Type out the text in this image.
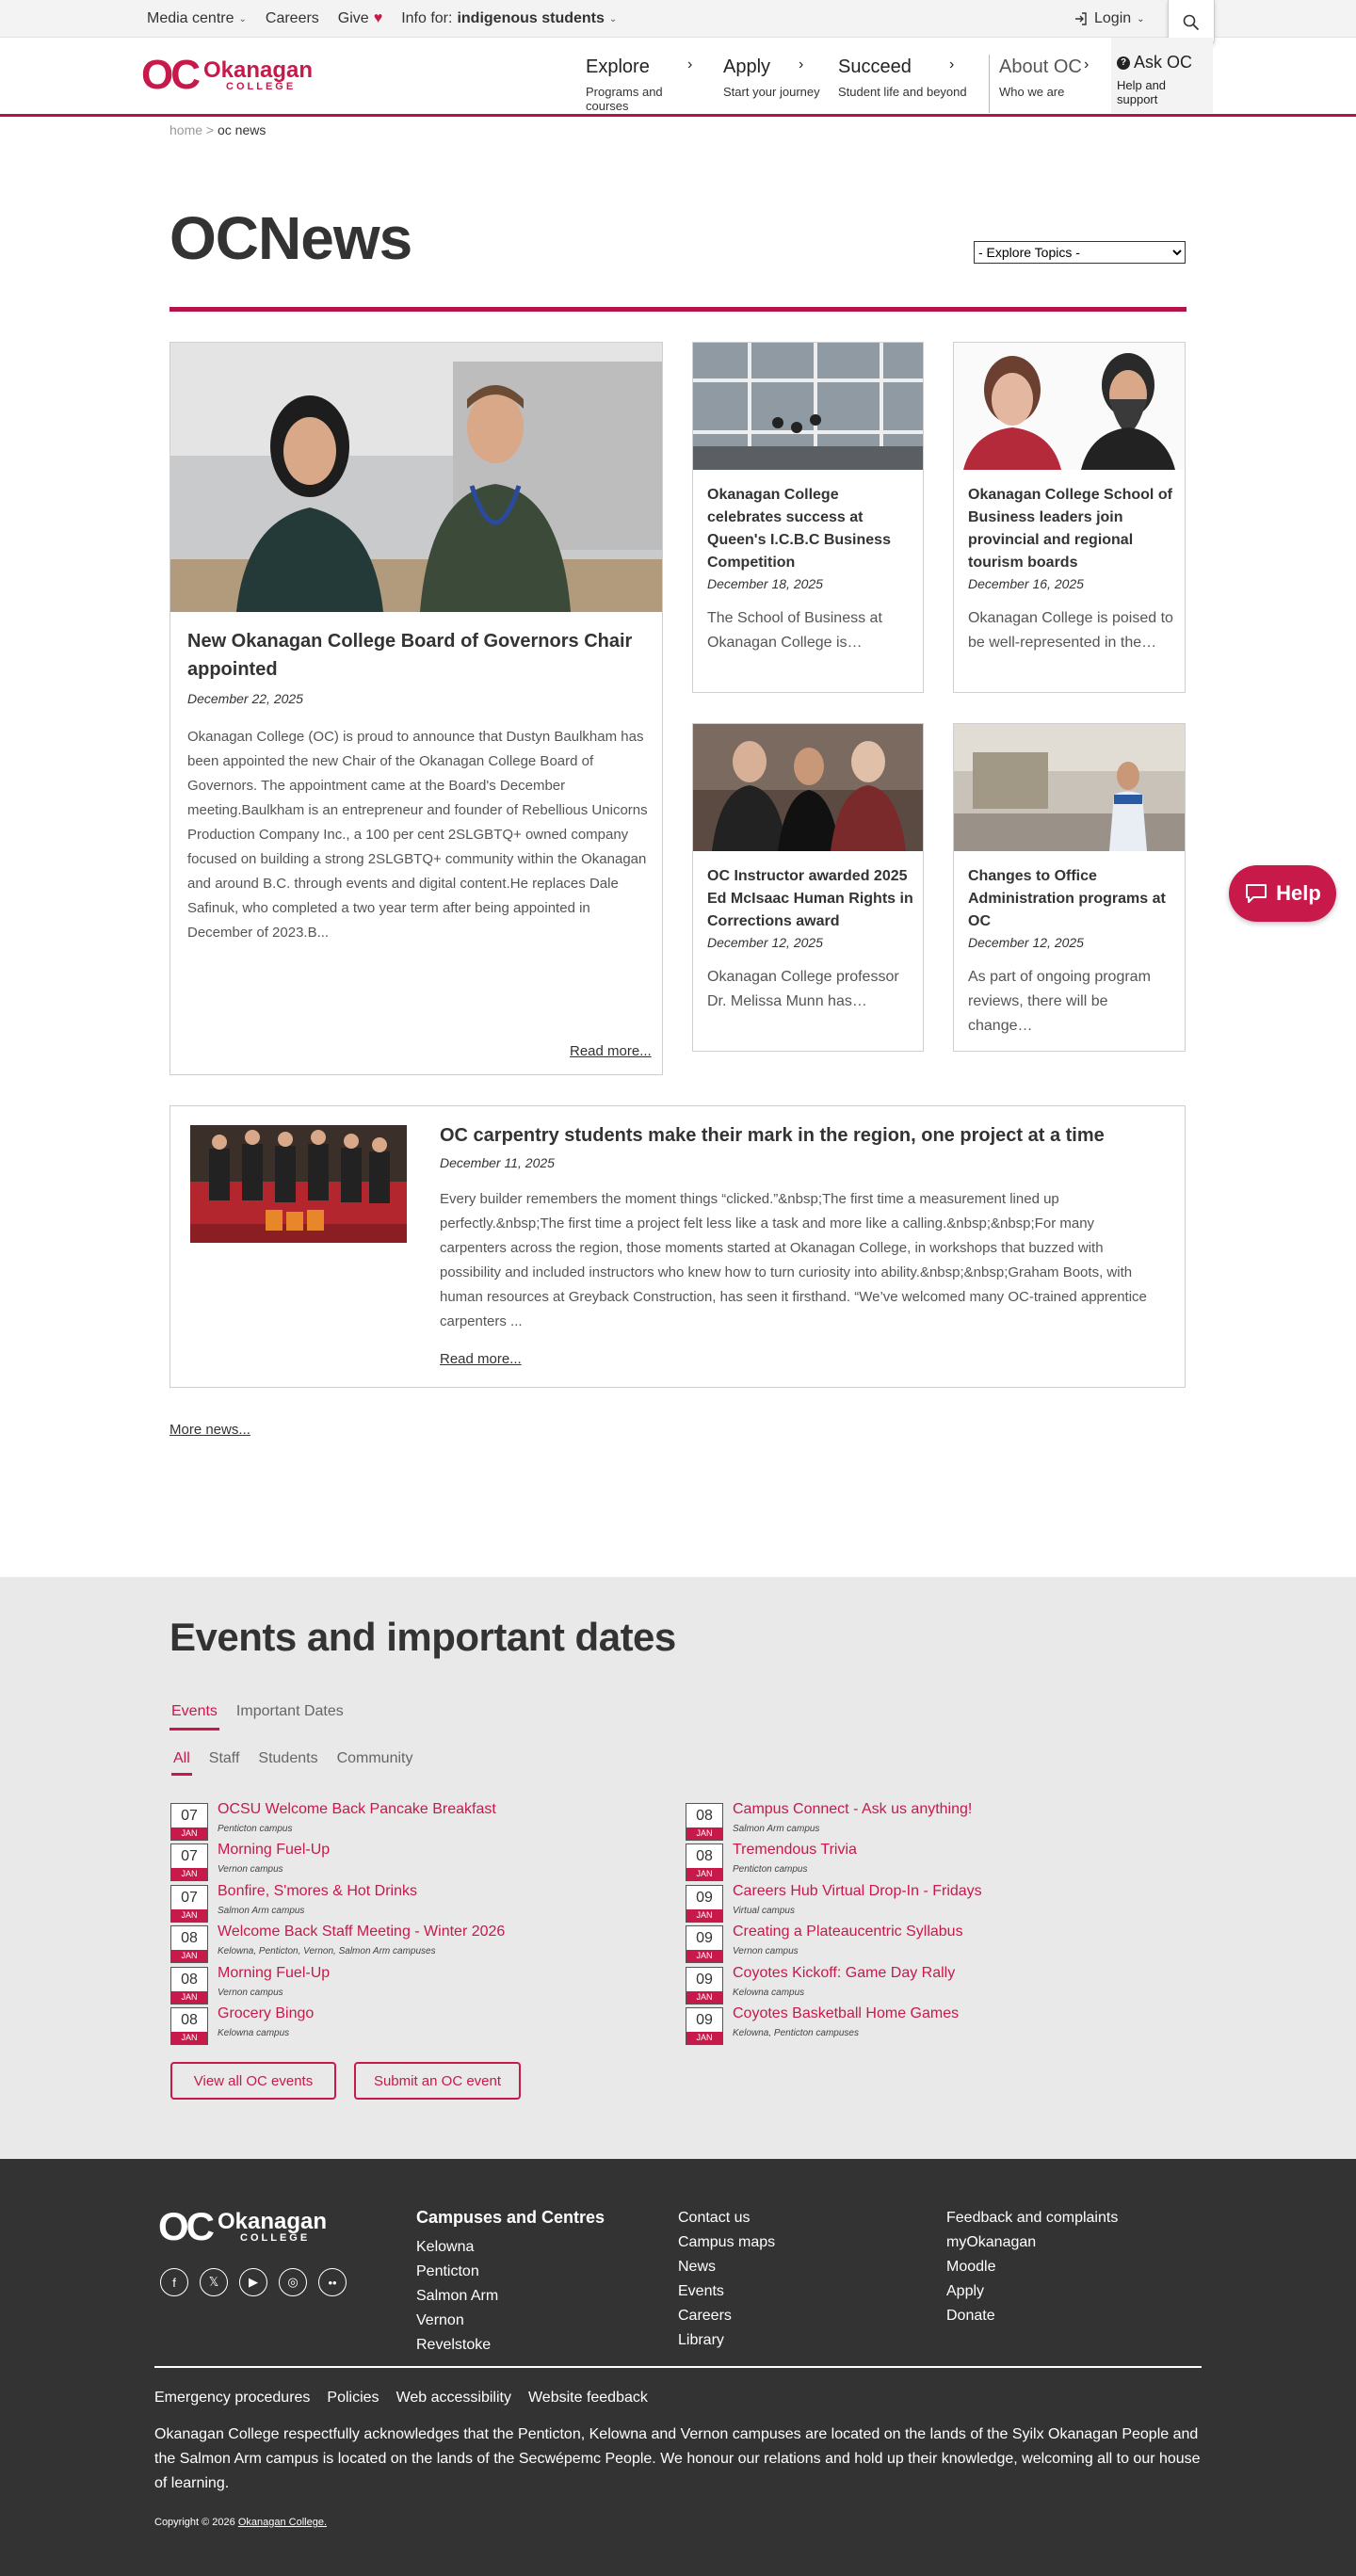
Media centre ⌄ Careers Give ♥ Info for: indigenous students ⌄	Login ⌄
OC Okanagan
COLLEGE
Explore
Programs and courses
› Apply
Start your journey
› Succeed
Student life and beyond
› About OC
Who we are
›	? Ask OC
Help and support
home > oc news
OCNews
- Explore Topics -
New Okanagan College Board of Governors Chair appointed
December 22, 2025

Okanagan College (OC) is proud to announce that Dustyn Baulkham has been appointed the new Chair of the Okanagan College Board of Governors. The appointment came at the Board's December meeting.Baulkham is an entrepreneur and founder of Rebellious Unicorns Production Company Inc., a 100 per cent 2SLGBTQ+ owned company focused on building a strong 2SLGBTQ+ community within the Okanagan and around B.C. through events and digital content.He replaces Dale Safinuk, who completed a two year term after being appointed in December of 2023.B...

Read more...
Okanagan College celebrates success at Queen's I.C.B.C Business Competition
December 18, 2025

The School of Business at Okanagan College is…

Okanagan College School of Business leaders join provincial and regional tourism boards
December 16, 2025

Okanagan College is poised to be well-represented in the…

OC Instructor awarded 2025 Ed McIsaac Human Rights in Corrections award
December 12, 2025

Okanagan College professor Dr. Melissa Munn has…

Changes to Office Administration programs at OC
December 12, 2025

As part of ongoing program reviews, there will be change…

OC carpentry students make their mark in the region, one project at a time
December 11, 2025

Every builder remembers the moment things “clicked.”&nbsp;The first time a measurement lined up perfectly.&nbsp;The first time a project felt less like a task and more like a calling.&nbsp;&nbsp;For many carpenters across the region, those moments started at Okanagan College, in workshops that buzzed with possibility and included instructors who knew how to turn curiosity into ability.&nbsp;&nbsp;Graham Boots, with human resources at Greyback Construction, has seen it firsthand. “We’ve welcomed many OC-trained apprentice carpenters ...

Read more...
More news...
Help
Events and important dates
Events Important Dates
All Staff Students Community
07
JAN
OCSU Welcome Back Pancake Breakfast
Penticton campus
07
JAN
Morning Fuel-Up
Vernon campus
07
JAN
Bonfire, S'mores & Hot Drinks
Salmon Arm campus
08
JAN
Welcome Back Staff Meeting - Winter 2026
Kelowna, Penticton, Vernon, Salmon Arm campuses
08
JAN
Morning Fuel-Up
Vernon campus
08
JAN
Grocery Bingo
Kelowna campus
08
JAN
Campus Connect - Ask us anything!
Salmon Arm campus
08
JAN
Tremendous Trivia
Penticton campus
09
JAN
Careers Hub Virtual Drop-In - Fridays
Virtual campus
09
JAN
Creating a Plateaucentric Syllabus
Vernon campus
09
JAN
Coyotes Kickoff: Game Day Rally
Kelowna campus
09
JAN
Coyotes Basketball Home Games
Kelowna, Penticton campuses
View all OC events	Submit an OC event
OC Okanagan
COLLEGE
f	𝕏	▶	◎	••
Campuses and Centres
Kelowna
Penticton
Salmon Arm
Vernon
Revelstoke
Contact us
Campus maps
News
Events
Careers
Library
Feedback and complaints
myOkanagan
Moodle
Apply
Donate
Emergency procedures Policies Web accessibility Website feedback

Okanagan College respectfully acknowledges that the Penticton, Kelowna and Vernon campuses are located on the lands of the Syilx Okanagan People and the Salmon Arm campus is located on the lands of the Secwépemc People. We honour our relations and hold up their knowledge, welcoming all to our house of learning.

Copyright © 2026 Okanagan College.
